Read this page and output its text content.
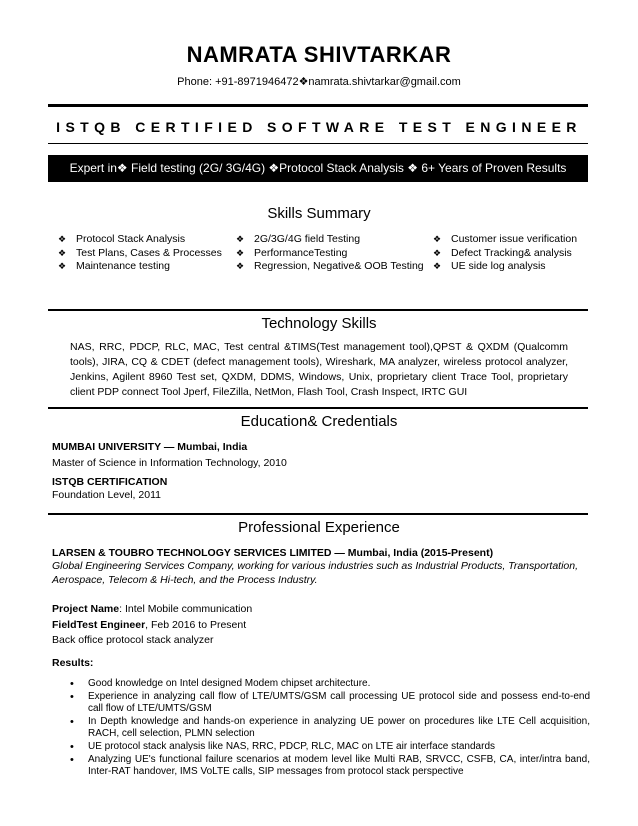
NAMRATA SHIVTARKAR
Phone: +91-8971946472❖namrata.shivtarkar@gmail.com
ISTQB CERTIFIED SOFTWARE TEST ENGINEER
Expert in❖ Field testing (2G/ 3G/4G) ❖Protocol Stack Analysis ❖ 6+ Years of Proven Results
Skills Summary
❖ Protocol Stack Analysis
❖ Test Plans, Cases & Processes
❖ Maintenance testing
❖ 2G/3G/4G field Testing
❖ PerformanceTesting
❖ Regression, Negative& OOB Testing
❖ Customer issue verification
❖ Defect Tracking& analysis
❖ UE side log analysis
Technology Skills
NAS, RRC, PDCP, RLC, MAC, Test central &TIMS(Test management tool),QPST & QXDM (Qualcomm tools), JIRA, CQ & CDET (defect management tools), Wireshark, MA analyzer, wireless protocol analyzer, Jenkins, Agilent 8960 Test set, QXDM, DDMS, Windows, Unix, proprietary client Trace Tool, proprietary client PDP connect Tool Jperf, FileZilla, NetMon, Flash Tool, Crash Inspect, IRTC GUI
Education& Credentials
MUMBAI UNIVERSITY — Mumbai, India
Master of Science in Information Technology, 2010
ISTQB CERTIFICATION
Foundation Level, 2011
Professional Experience
LARSEN & TOUBRO TECHNOLOGY SERVICES LIMITED — Mumbai, India (2015-Present)
Global Engineering Services Company, working for various industries such as Industrial Products, Transportation, Aerospace, Telecom & Hi-tech, and the Process Industry.
Project Name: Intel Mobile communication
FieldTest Engineer, Feb 2016 to Present
Back office protocol stack analyzer
Results:
• Good knowledge on Intel designed Modem chipset architecture.
• Experience in analyzing call flow of LTE/UMTS/GSM call processing UE protocol side and possess end-to-end call flow of LTE/UMTS/GSM
• In Depth knowledge and hands-on experience in analyzing UE power on procedures like LTE Cell acquisition, RACH, cell selection, PLMN selection
• UE protocol stack analysis like NAS, RRC, PDCP, RLC, MAC on LTE air interface standards
• Analyzing UE's functional failure scenarios at modem level like Multi RAB, SRVCC, CSFB, CA, inter/intra band, Inter-RAT handover, IMS VoLTE calls, SIP messages from protocol stack perspective
